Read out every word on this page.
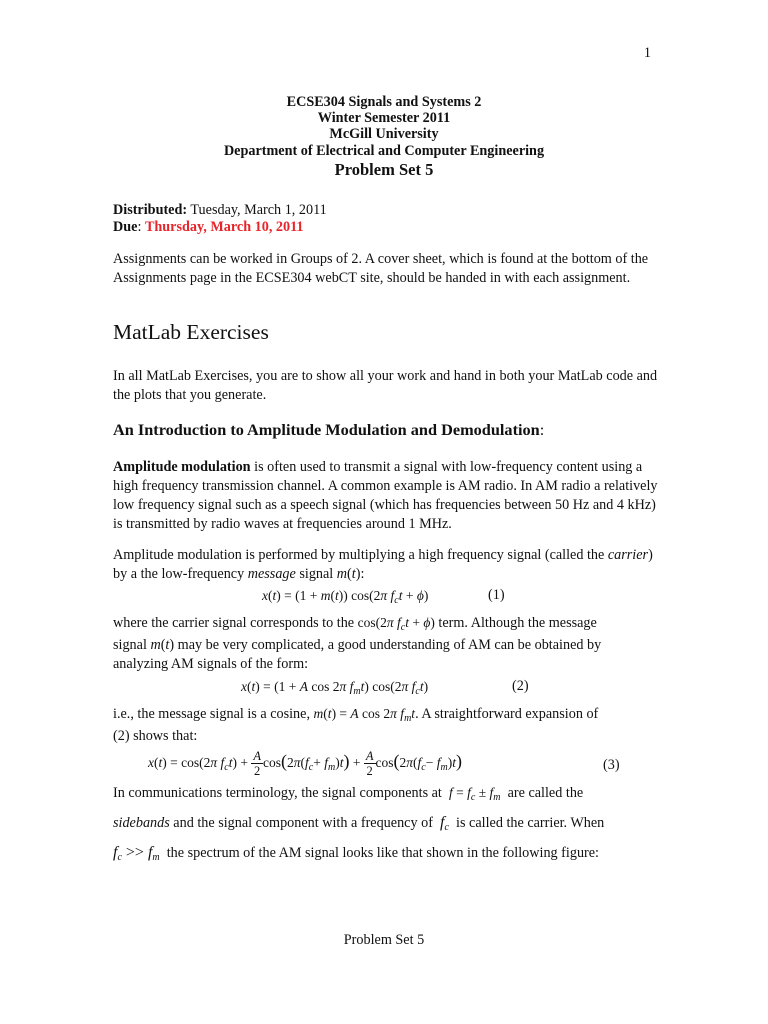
1
ECSE304 Signals and Systems 2
Winter Semester 2011
McGill University
Department of Electrical and Computer Engineering
Problem Set 5
Distributed: Tuesday, March 1, 2011
Due: Thursday, March 10, 2011
Assignments can be worked in Groups of 2. A cover sheet, which is found at the bottom of the Assignments page in the ECSE304 webCT site, should be handed in with each assignment.
MatLab Exercises
In all MatLab Exercises, you are to show all your work and hand in both your MatLab code and the plots that you generate.
An Introduction to Amplitude Modulation and Demodulation:
Amplitude modulation is often used to transmit a signal with low-frequency content using a high frequency transmission channel. A common example is AM radio. In AM radio a relatively low frequency signal such as a speech signal (which has frequencies between 50 Hz and 4 kHz) is transmitted by radio waves at frequencies around 1 MHz.
Amplitude modulation is performed by multiplying a high frequency signal (called the carrier) by a the low-frequency message signal m(t):
x(t) = (1 + m(t)) cos(2π $f_ct + \phi$)	(1)
where the carrier signal corresponds to the cos(2π $f_ct + \phi$) term. Although the message
signal m(t) may be very complicated, a good understanding of AM can be obtained by
analyzing AM signals of the form:
x(t) = (1 + A cos 2π $f_mt$) cos(2π $f_ct$)	(2)
i.e., the message signal is a cosine, m(t) = A cos 2π $f_mt$. A straightforward expansion of
(2) shows that:
x(t) = cos(2π $f_ct) + \frac{A}{2} \cos(2\pi(f_c+ f_m)t) + \frac{A}{2} \cos(2\pi(f_c- f_m)t)$	(3)
In communications terminology, the signal components at $f = f_c \pm f_m$ are called the
sidebands and the signal component with a frequency of $f_c$ is called the carrier. When
$f_c >> f_m$ the spectrum of the AM signal looks like that shown in the following figure:
Problem Set 5
